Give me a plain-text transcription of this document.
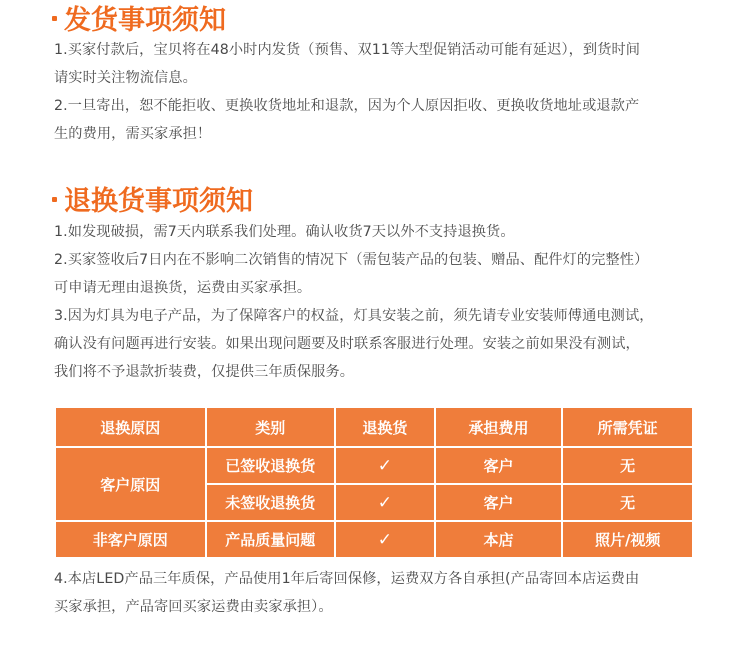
发货事项须知
1.买家付款后，宝贝将在48小时内发货（预售、双11等大型促销活动可能有延迟），到货时间
请实时关注物流信息。
2.一旦寄出，恕不能拒收、更换收货地址和退款，因为个人原因拒收、更换收货地址或退款产
生的费用，需买家承担！
退换货事项须知
1.如发现破损，需7天内联系我们处理。确认收货7天以外不支持退换货。
2.买家签收后7日内在不影响二次销售的情况下（需包装产品的包装、赠品、配件灯的完整性）
可申请无理由退换货，运费由买家承担。
3.因为灯具为电子产品，为了保障客户的权益，灯具安装之前，须先请专业安装师傅通电测试，
确认没有问题再进行安装。如果出现问题要及时联系客服进行处理。安装之前如果没有测试，
我们将不予退款折装费，仅提供三年质保服务。
退换原因	类别	退换货	承担费用	所需凭证
客户原因	已签收退换货	✓	客户	无
	未签收退换货	✓	客户	无
非客户原因	产品质量问题	✓	本店	照片/视频
4.本店LED产品三年质保，产品使用1年后寄回保修，运费双方各自承担(产品寄回本店运费由
买家承担，产品寄回买家运费由卖家承担）。
